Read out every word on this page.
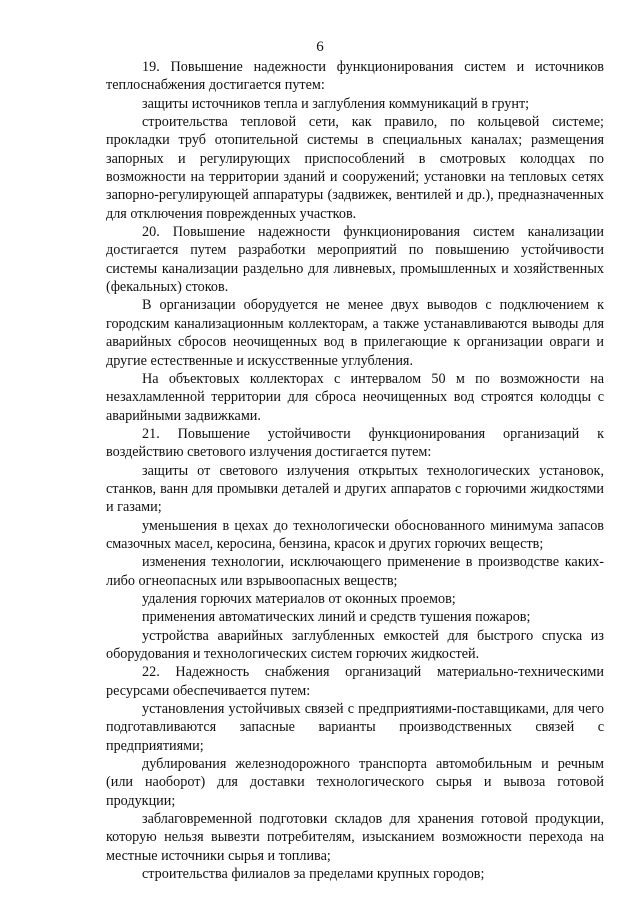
6

19. Повышение надежности функционирования систем и источников теплоснабжения достигается путем:

защиты источников тепла и заглубления коммуникаций в грунт;

строительства тепловой сети, как правило, по кольцевой системе; прокладки труб отопительной системы в специальных каналах; размещения запорных и регулирующих приспособлений в смотровых колодцах по возможности на территории зданий и сооружений; установки на тепловых сетях запорно-регулирующей аппаратуры (задвижек, вентилей и др.), предназначенных для отключения поврежденных участков.

20. Повышение надежности функционирования систем канализации достигается путем разработки мероприятий по повышению устойчивости системы канализации раздельно для ливневых, промышленных и хозяйственных (фекальных) стоков.

В организации оборудуется не менее двух выводов с подключением к городским канализационным коллекторам, а также устанавливаются выводы для аварийных сбросов неочищенных вод в прилегающие к организации овраги и другие естественные и искусственные углубления.

На объектовых коллекторах с интервалом 50 м по возможности на незахламленной территории для сброса неочищенных вод строятся колодцы с аварийными задвижками.

21. Повышение устойчивости функционирования организаций к воздействию светового излучения достигается путем:

защиты от светового излучения открытых технологических установок, станков, ванн для промывки деталей и других аппаратов с горючими жидкостями и газами;

уменьшения в цехах до технологически обоснованного минимума запасов смазочных масел, керосина, бензина, красок и других горючих веществ;

изменения технологии, исключающего применение в производстве каких-либо огнеопасных или взрывоопасных веществ;

удаления горючих материалов от оконных проемов;

применения автоматических линий и средств тушения пожаров;

устройства аварийных заглубленных емкостей для быстрого спуска из оборудования и технологических систем горючих жидкостей.

22. Надежность снабжения организаций материально-техническими ресурсами обеспечивается путем:

установления устойчивых связей с предприятиями-поставщиками, для чего подготавливаются запасные варианты производственных связей с предприятиями;

дублирования железнодорожного транспорта автомобильным и речным (или наоборот) для доставки технологического сырья и вывоза готовой продукции;

заблаговременной подготовки складов для хранения готовой продукции, которую нельзя вывезти потребителям, изысканием возможности перехода на местные источники сырья и топлива;

строительства филиалов за пределами крупных городов;
